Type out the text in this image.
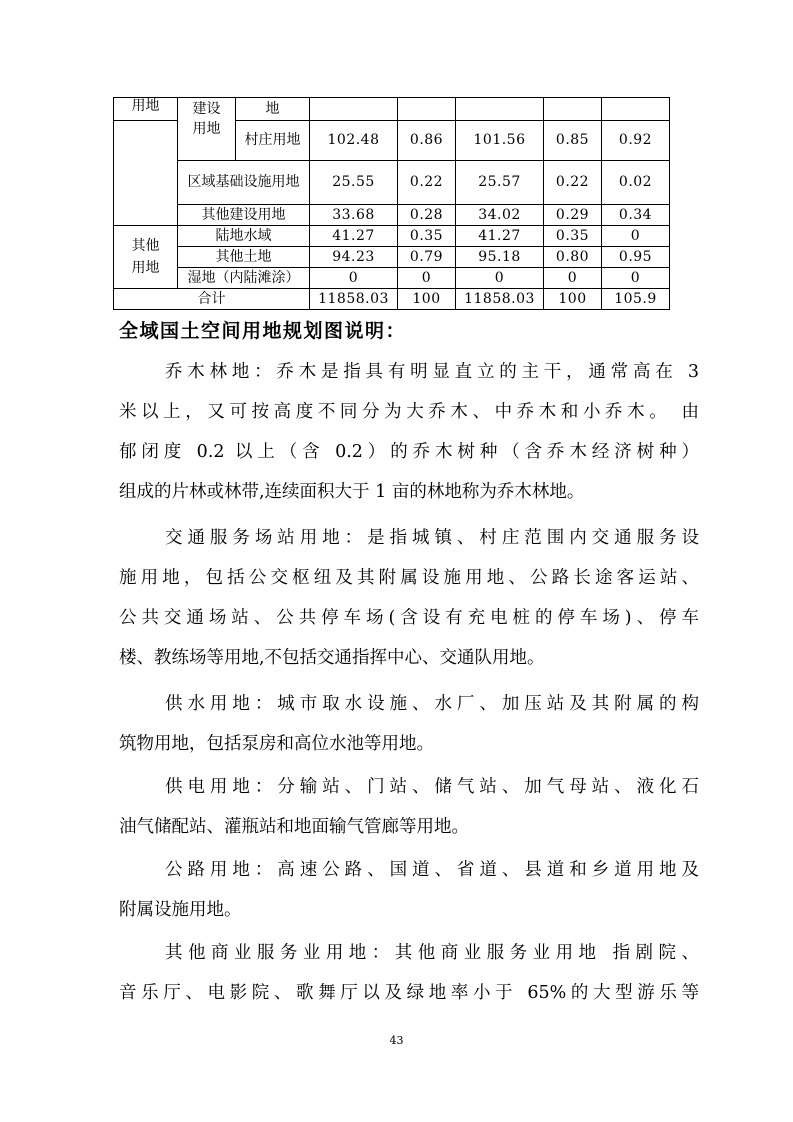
用地	建设	地					
	用地	村庄用地	102.48	0.86	101.56	0.85	0.92
	区域基础设施用地		25.55	0.22	25.57	0.22	0.02
	其他建设用地		33.68	0.28	34.02	0.29	0.34
其他用地	陆地水域		41.27	0.35	41.27	0.35	0
	其他土地		94.23	0.79	95.18	0.80	0.95
	湿地（内陆滩涂）		0	0	0	0	0
合计			11858.03	100	11858.03	100	105.9
全域国土空间用地规划图说明：

乔木林地：乔木是指具有明显直立的主干，通常高在 3
米以上，又可按高度不同分为大乔木、中乔木和小乔木。 由
郁闭度 0.2 以上（含 0.2）的乔木树种（含乔木经济树种）
组成的片林或林带,连续面积大于 1 亩的林地称为乔木林地。

交通服务场站用地：是指城镇、村庄范围内交通服务设
施用地，包括公交枢纽及其附属设施用地、公路长途客运站、
公共交通场站、公共停车场(含设有充电桩的停车场)、停车
楼、教练场等用地,不包括交通指挥中心、交通队用地。

供水用地：城市取水设施、水厂、加压站及其附属的构
筑物用地，包括泵房和高位水池等用地。

供电用地：分输站、门站、储气站、加气母站、液化石
油气储配站、灌瓶站和地面输气管廊等用地。

公路用地：高速公路、国道、省道、县道和乡道用地及
附属设施用地。

其他商业服务业用地：其他商业服务业用地 指剧院、
音乐厅、电影院、歌舞厅以及绿地率小于 65%的大型游乐等

43
